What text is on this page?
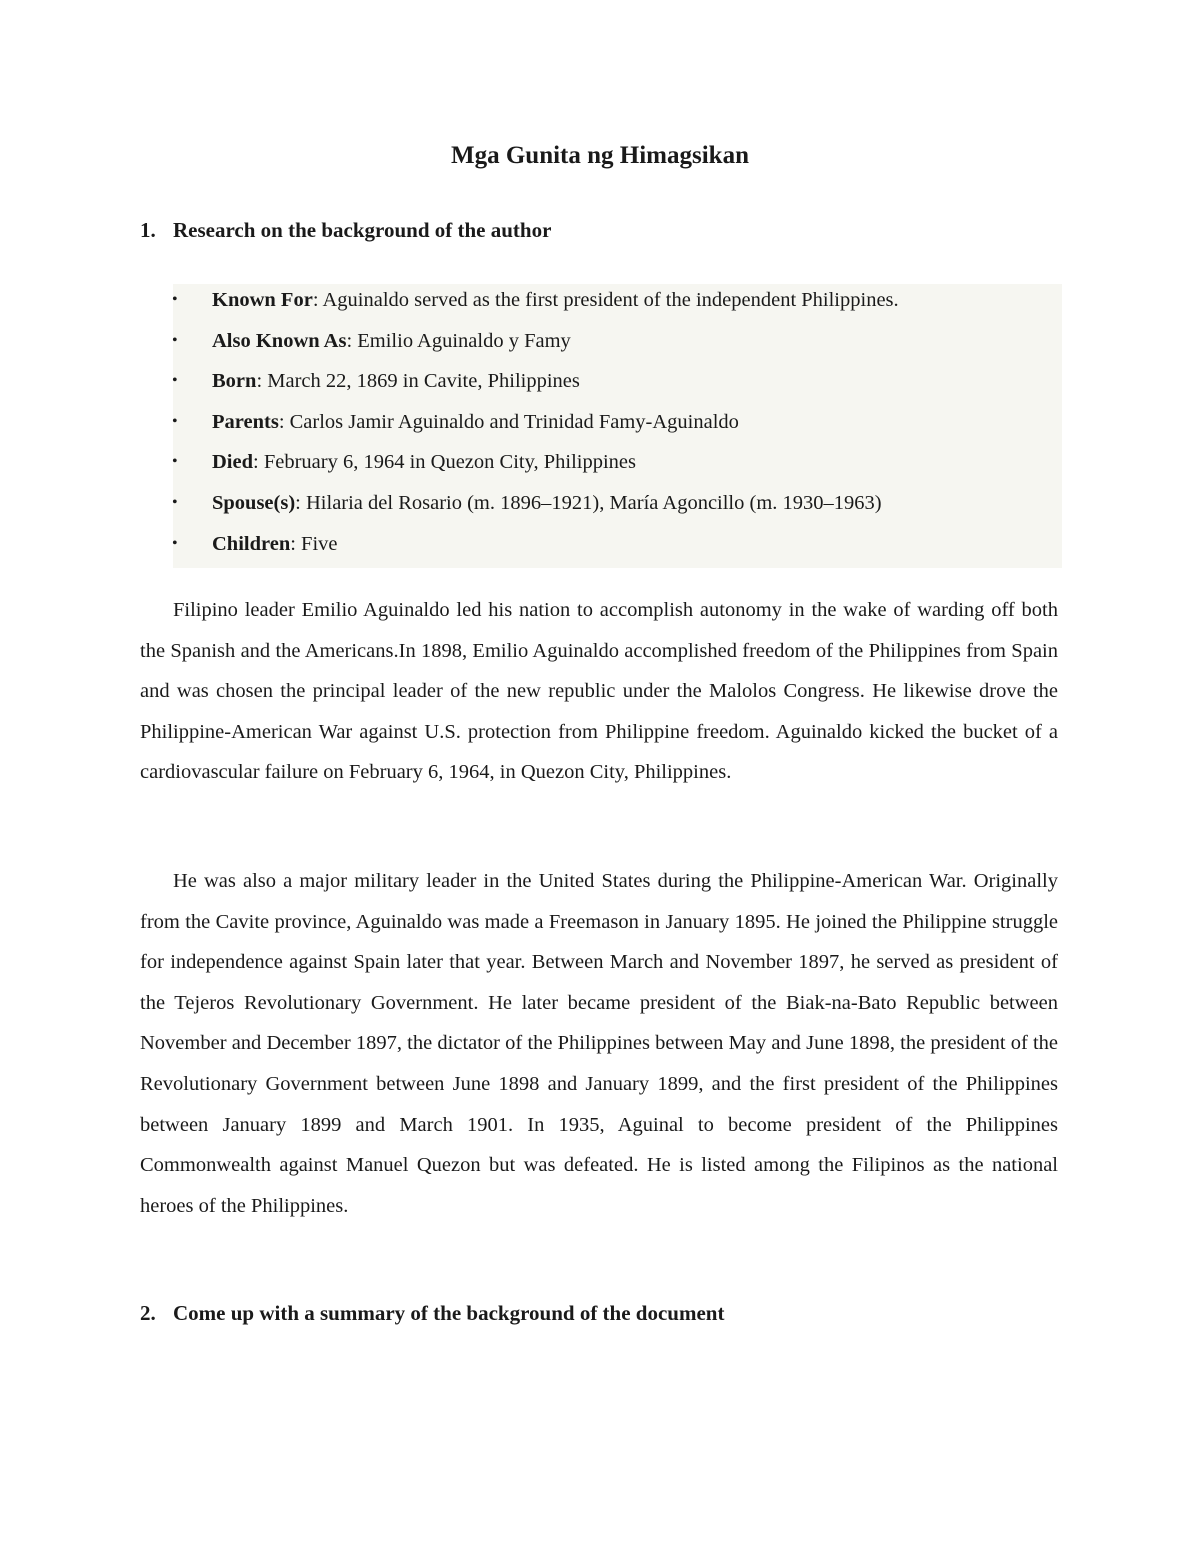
Mga Gunita ng Himagsikan
1. Research on the background of the author
• Known For: Aguinaldo served as the first president of the independent Philippines.
• Also Known As: Emilio Aguinaldo y Famy
• Born: March 22, 1869 in Cavite, Philippines
• Parents: Carlos Jamir Aguinaldo and Trinidad Famy-Aguinaldo
• Died: February 6, 1964 in Quezon City, Philippines
• Spouse(s): Hilaria del Rosario (m. 1896–1921), María Agoncillo (m. 1930–1963)
• Children: Five

Filipino leader Emilio Aguinaldo led his nation to accomplish autonomy in the wake of warding off both the Spanish and the Americans.In 1898, Emilio Aguinaldo accomplished freedom of the Philippines from Spain and was chosen the principal leader of the new republic under the Malolos Congress. He likewise drove the Philippine-American War against U.S. protection from Philippine freedom. Aguinaldo kicked the bucket of a cardiovascular failure on February 6, 1964, in Quezon City, Philippines.

He was also a major military leader in the United States during the Philippine-American War. Originally from the Cavite province, Aguinaldo was made a Freemason in January 1895. He joined the Philippine struggle for independence against Spain later that year. Between March and November 1897, he served as president of the Tejeros Revolutionary Government. He later became president of the Biak-na-Bato Republic between November and December 1897, the dictator of the Philippines between May and June 1898, the president of the Revolutionary Government between June 1898 and January 1899, and the first president of the Philippines between January 1899 and March 1901. In 1935, Aguinal to become president of the Philippines Commonwealth against Manuel Quezon but was defeated. He is listed among the Filipinos as the national heroes of the Philippines.

2. Come up with a summary of the background of the document
